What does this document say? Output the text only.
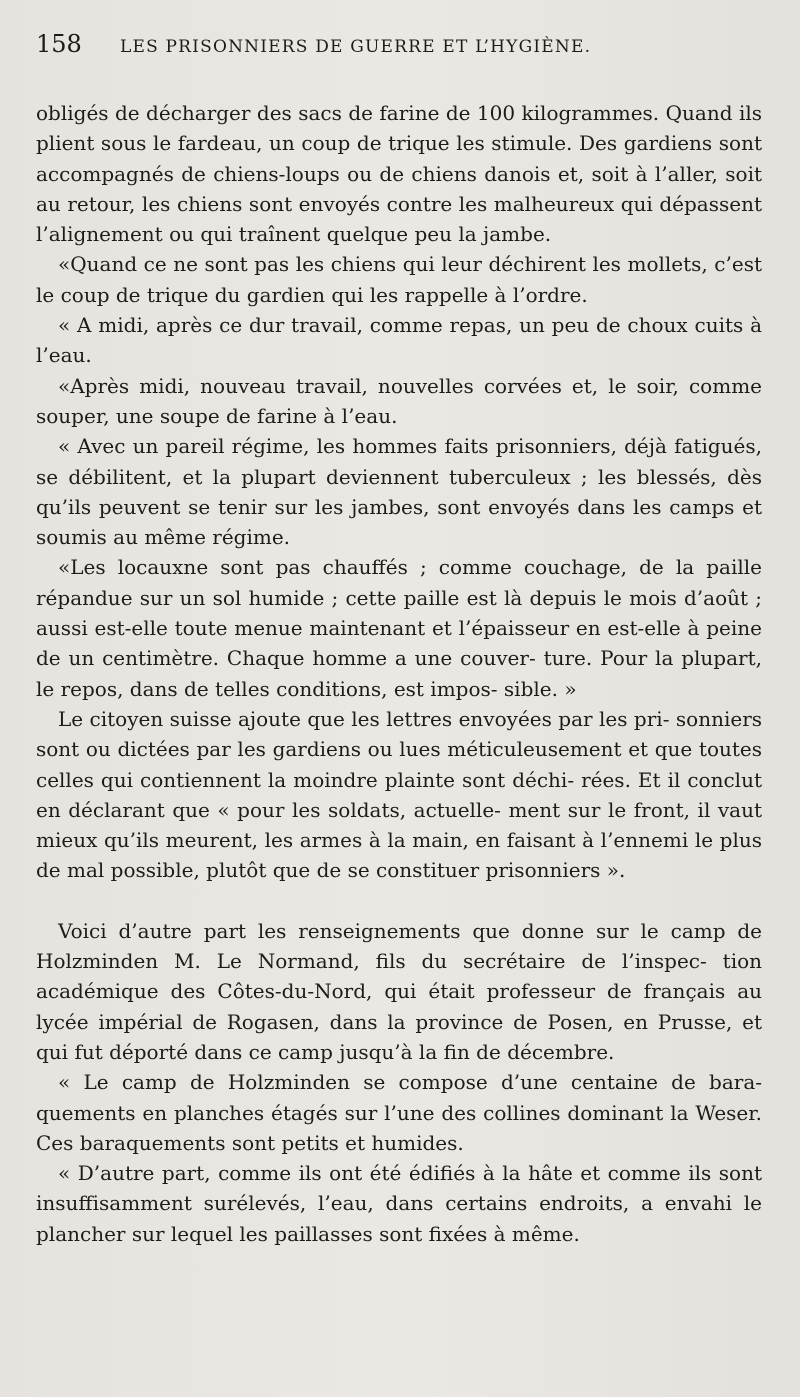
158	LES PRISONNIERS DE GUERRE ET L’HYGIÈNE.

obligés de décharger des sacs de farine de 100 kilogrammes. Quand ils plient sous le fardeau, un coup de trique les stimule. Des gardiens sont accompagnés de chiens-loups ou de chiens danois et, soit à l’aller, soit au retour, les chiens sont envoyés contre les malheureux qui dépassent l’alignement ou qui traînent quelque peu la jambe.

«Quand ce ne sont pas les chiens qui leur déchirent les mollets, c’est le coup de trique du gardien qui les rappelle à l’ordre.

« A midi, après ce dur travail, comme repas, un peu de choux cuits à l’eau.

«Après midi, nouveau travail, nouvelles corvées et, le soir, comme souper, une soupe de farine à l’eau.

« Avec un pareil régime, les hommes faits prisonniers, déjà fatigués, se débilitent, et la plupart deviennent tuberculeux ; les blessés, dès qu’ils peuvent se tenir sur les jambes, sont envoyés dans les camps et soumis au même régime.

«Les locauxne sont pas chauffés ; comme couchage, de la paille répandue sur un sol humide ; cette paille est là depuis le mois d’août ; aussi est-elle toute menue maintenant et l’épaisseur en est-elle à peine de un centimètre. Chaque homme a une couver- ture. Pour la plupart, le repos, dans de telles conditions, est impos- sible. »

Le citoyen suisse ajoute que les lettres envoyées par les pri- sonniers sont ou dictées par les gardiens ou lues méticuleusement et que toutes celles qui contiennent la moindre plainte sont déchi- rées. Et il conclut en déclarant que « pour les soldats, actuelle- ment sur le front, il vaut mieux qu’ils meurent, les armes à la main, en faisant à l’ennemi le plus de mal possible, plutôt que de se constituer prisonniers ».

Voici d’autre part les renseignements que donne sur le camp de Holzminden M. Le Normand, fils du secrétaire de l’inspec- tion académique des Côtes-du-Nord, qui était professeur de français au lycée impérial de Rogasen, dans la province de Posen, en Prusse, et qui fut déporté dans ce camp jusqu’à la fin de décembre.

« Le camp de Holzminden se compose d’une centaine de bara- quements en planches étagés sur l’une des collines dominant la Weser. Ces baraquements sont petits et humides.

« D’autre part, comme ils ont été édifiés à la hâte et comme ils sont insuffisamment surélevés, l’eau, dans certains endroits, a envahi le plancher sur lequel les paillasses sont fixées à même.
